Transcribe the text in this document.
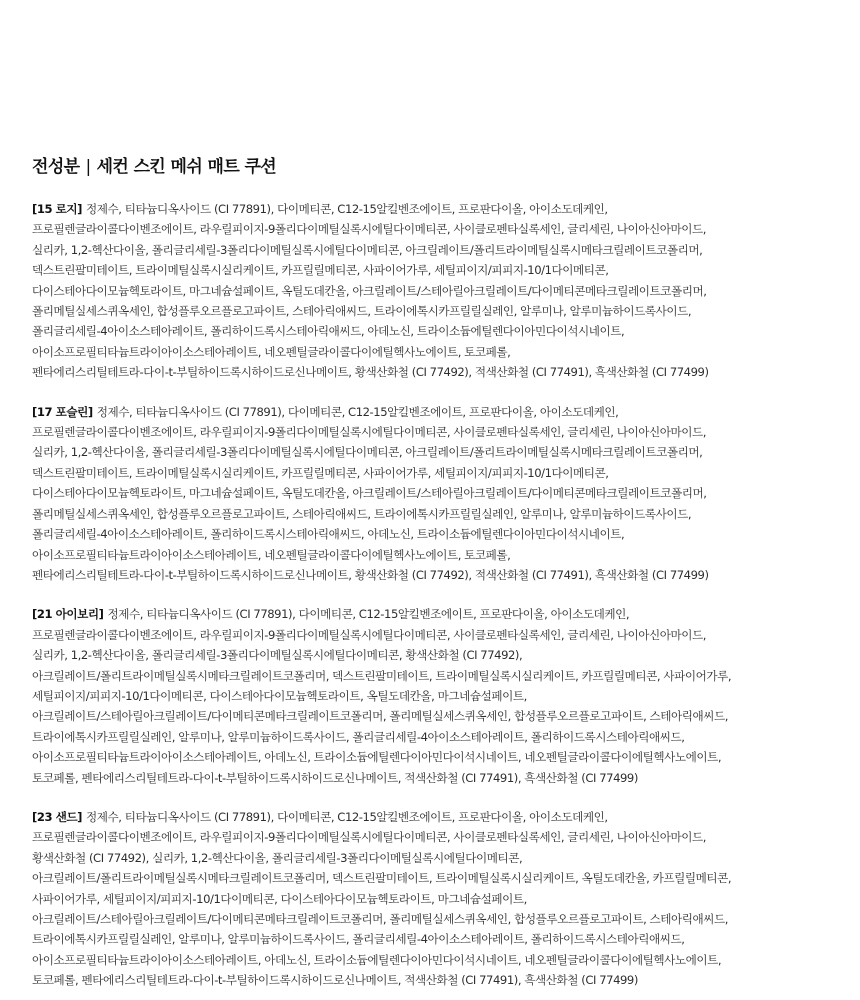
전성분 | 세컨 스킨 메쉬 매트 쿠션
[15 로지] 정제수, 티타늄디옥사이드 (CI 77891), 다이메티콘, C12-15알킬벤조에이트, 프로판다이올, 아이소도데케인,
프로필렌글라이콜다이벤조에이트, 라우릴피이지-9폴리다이메틸실록시에틸다이메티콘, 사이클로펜타실록세인, 글리세린, 나이아신아마이드,
실리카, 1,2-헥산다이올, 폴리글리세릴-3폴리다이메틸실록시에틸다이메티콘, 아크릴레이트/폴리트라이메틸실록시메타크릴레이트코폴리머,
덱스트린팔미테이트, 트라이메틸실록시실리케이트, 카프릴릴메티콘, 사파이어가루, 세틸피이지/피피지-10/1다이메티콘,
다이스테아다이모늄헥토라이트, 마그네슘설페이트, 옥틸도데칸올, 아크릴레이트/스테아릴아크릴레이트/다이메티콘메타크릴레이트코폴리머,
폴리메틸실세스퀴옥세인, 합성플루오르플로고파이트, 스테아릭애씨드, 트라이에톡시카프릴릴실레인, 알루미나, 알루미늄하이드록사이드,
폴리글리세릴-4아이소스테아레이트, 폴리하이드록시스테아릭애씨드, 아데노신, 트라이소듐에틸렌다이아민다이석시네이트,
아이소프로필티타늄트라이아이소스테아레이트, 네오펜틸글라이콜다이에틸헥사노에이트, 토코페롤,
펜타에리스리틸테트라-다이-t-부틸하이드록시하이드로신나메이트, 황색산화철 (CI 77492), 적색산화철 (CI 77491), 흑색산화철 (CI 77499)
[17 포슬린] 정제수, 티타늄디옥사이드 (CI 77891), 다이메티콘, C12-15알킬벤조에이트, 프로판다이올, 아이소도데케인,
프로필렌글라이콜다이벤조에이트, 라우릴피이지-9폴리다이메틸실록시에틸다이메티콘, 사이클로펜타실록세인, 글리세린, 나이아신아마이드,
실리카, 1,2-헥산다이올, 폴리글리세릴-3폴리다이메틸실록시에틸다이메티콘, 아크릴레이트/폴리트라이메틸실록시메타크릴레이트코폴리머,
덱스트린팔미테이트, 트라이메틸실록시실리케이트, 카프릴릴메티콘, 사파이어가루, 세틸피이지/피피지-10/1다이메티콘,
다이스테아다이모늄헥토라이트, 마그네슘설페이트, 옥틸도데칸올, 아크릴레이트/스테아릴아크릴레이트/다이메티콘메타크릴레이트코폴리머,
폴리메틸실세스퀴옥세인, 합성플루오르플로고파이트, 스테아릭애씨드, 트라이에톡시카프릴릴실레인, 알루미나, 알루미늄하이드록사이드,
폴리글리세릴-4아이소스테아레이트, 폴리하이드록시스테아릭애씨드, 아데노신, 트라이소듐에틸렌다이아민다이석시네이트,
아이소프로필티타늄트라이아이소스테아레이트, 네오펜틸글라이콜다이에틸헥사노에이트, 토코페롤,
펜타에리스리틸테트라-다이-t-부틸하이드록시하이드로신나메이트, 황색산화철 (CI 77492), 적색산화철 (CI 77491), 흑색산화철 (CI 77499)
[21 아이보리] 정제수, 티타늄디옥사이드 (CI 77891), 다이메티콘, C12-15알킬벤조에이트, 프로판다이올, 아이소도데케인,
프로필렌글라이콜다이벤조에이트, 라우릴피이지-9폴리다이메틸실록시에틸다이메티콘, 사이클로펜타실록세인, 글리세린, 나이아신아마이드,
실리카, 1,2-헥산다이올, 폴리글리세릴-3폴리다이메틸실록시에틸다이메티콘, 황색산화철 (CI 77492),
아크릴레이트/폴리트라이메틸실록시메타크릴레이트코폴리머, 덱스트린팔미테이트, 트라이메틸실록시실리케이트, 카프릴릴메티콘, 사파이어가루,
세틸피이지/피피지-10/1다이메티콘, 다이스테아다이모늄헥토라이트, 옥틸도데칸올, 마그네슘설페이트,
아크릴레이트/스테아릴아크릴레이트/다이메티콘메타크릴레이트코폴리머, 폴리메틸실세스퀴옥세인, 합성플루오르플로고파이트, 스테아릭애씨드,
트라이에톡시카프릴릴실레인, 알루미나, 알루미늄하이드록사이드, 폴리글리세릴-4아이소스테아레이트, 폴리하이드록시스테아릭애씨드,
아이소프로필티타늄트라이아이소스테아레이트, 아데노신, 트라이소듐에틸렌다이아민다이석시네이트, 네오펜틸글라이콜다이에틸헥사노에이트,
토코페롤, 펜타에리스리틸테트라-다이-t-부틸하이드록시하이드로신나메이트, 적색산화철 (CI 77491), 흑색산화철 (CI 77499)
[23 샌드] 정제수, 티타늄디옥사이드 (CI 77891), 다이메티콘, C12-15알킬벤조에이트, 프로판다이올, 아이소도데케인,
프로필렌글라이콜다이벤조에이트, 라우릴피이지-9폴리다이메틸실록시에틸다이메티콘, 사이클로펜타실록세인, 글리세린, 나이아신아마이드,
황색산화철 (CI 77492), 실리카, 1,2-헥산다이올, 폴리글리세릴-3폴리다이메틸실록시에틸다이메티콘,
아크릴레이트/폴리트라이메틸실록시메타크릴레이트코폴리머, 덱스트린팔미테이트, 트라이메틸실록시실리케이트, 옥틸도데칸올, 카프릴릴메티콘,
사파이어가루, 세틸피이지/피피지-10/1다이메티콘, 다이스테아다이모늄헥토라이트, 마그네슘설페이트,
아크릴레이트/스테아릴아크릴레이트/다이메티콘메타크릴레이트코폴리머, 폴리메틸실세스퀴옥세인, 합성플루오르플로고파이트, 스테아릭애씨드,
트라이에톡시카프릴릴실레인, 알루미나, 알루미늄하이드록사이드, 폴리글리세릴-4아이소스테아레이트, 폴리하이드록시스테아릭애씨드,
아이소프로필티타늄트라이아이소스테아레이트, 아데노신, 트라이소듐에틸렌다이아민다이석시네이트, 네오펜틸글라이콜다이에틸헥사노에이트,
토코페롤, 펜타에리스리틸테트라-다이-t-부틸하이드록시하이드로신나메이트, 적색산화철 (CI 77491), 흑색산화철 (CI 77499)
